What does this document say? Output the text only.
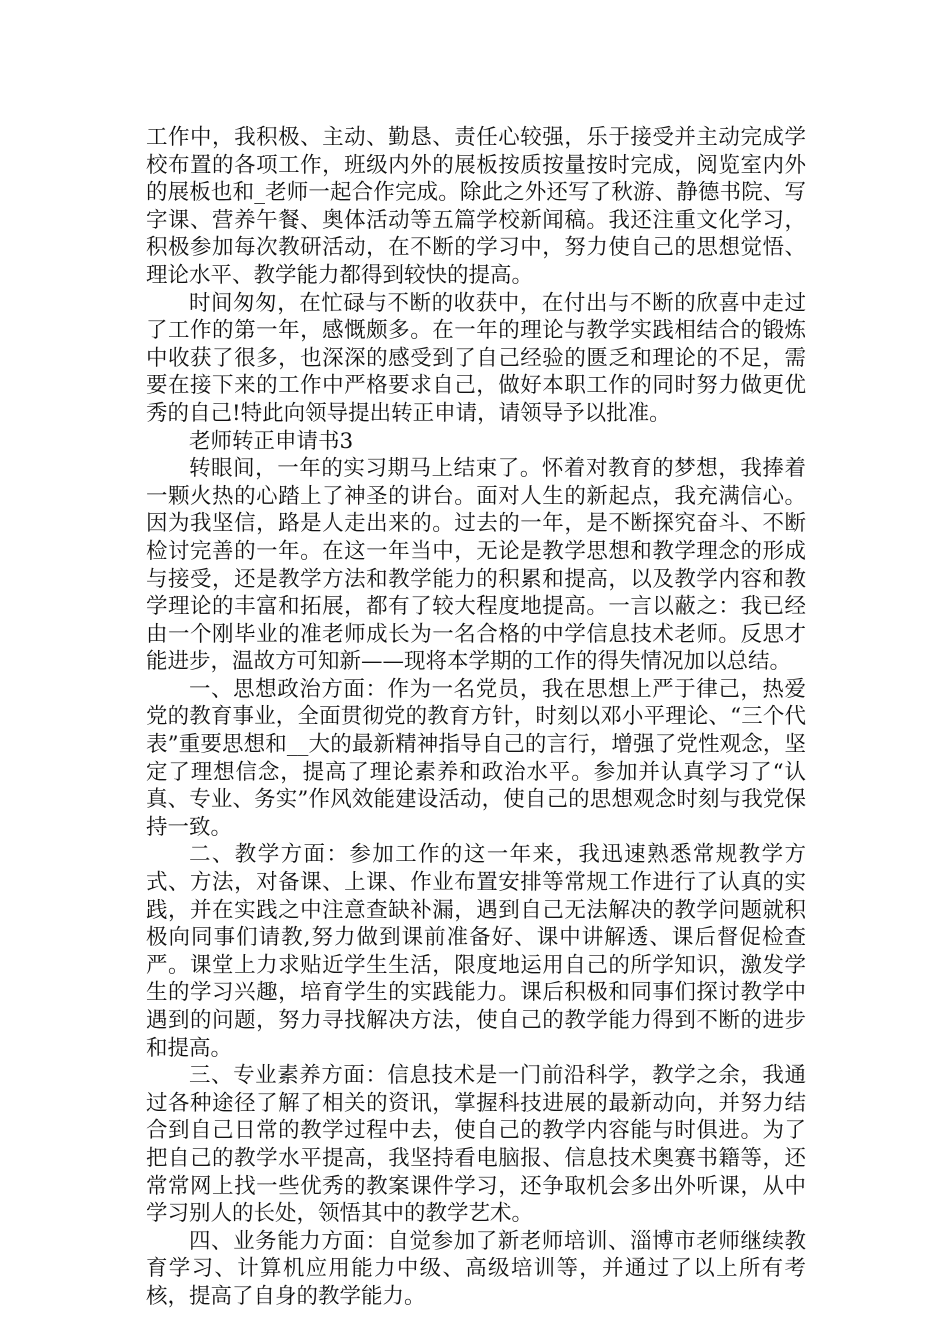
工作中，我积极、主动、勤恳、责任心较强，乐于接受并主动完成学校布置的各项工作，班级内外的展板按质按量按时完成，阅览室内外的展板也和_老师一起合作完成。除此之外还写了秋游、静德书院、写字课、营养午餐、奥体活动等五篇学校新闻稿。我还注重文化学习，积极参加每次教研活动，在不断的学习中，努力使自己的思想觉悟、理论水平、教学能力都得到较快的提高。

时间匆匆，在忙碌与不断的收获中，在付出与不断的欣喜中走过了工作的第一年，感慨颇多。在一年的理论与教学实践相结合的锻炼中收获了很多，也深深的感受到了自己经验的匮乏和理论的不足，需要在接下来的工作中严格要求自己，做好本职工作的同时努力做更优秀的自己!特此向领导提出转正申请，请领导予以批准。

老师转正申请书3

转眼间，一年的实习期马上结束了。怀着对教育的梦想，我捧着一颗火热的心踏上了神圣的讲台。面对人生的新起点，我充满信心。因为我坚信，路是人走出来的。过去的一年，是不断探究奋斗、不断检讨完善的一年。在这一年当中，无论是教学思想和教学理念的形成与接受，还是教学方法和教学能力的积累和提高，以及教学内容和教学理论的丰富和拓展，都有了较大程度地提高。一言以蔽之：我已经由一个刚毕业的准老师成长为一名合格的中学信息技术老师。反思才能进步，温故方可知新——现将本学期的工作的得失情况加以总结。

一、思想政治方面：作为一名党员，我在思想上严于律己，热爱党的教育事业，全面贯彻党的教育方针，时刻以邓小平理论、“三个代表”重要思想和__大的最新精神指导自己的言行，增强了党性观念，坚定了理想信念，提高了理论素养和政治水平。参加并认真学习了“认真、专业、务实”作风效能建设活动，使自己的思想观念时刻与我党保持一致。

二、教学方面：参加工作的这一年来，我迅速熟悉常规教学方式、方法，对备课、上课、作业布置安排等常规工作进行了认真的实践，并在实践之中注意查缺补漏，遇到自己无法解决的教学问题就积极向同事们请教,努力做到课前准备好、课中讲解透、课后督促检查严。课堂上力求贴近学生生活，限度地运用自己的所学知识，激发学生的学习兴趣，培育学生的实践能力。课后积极和同事们探讨教学中遇到的问题，努力寻找解决方法，使自己的教学能力得到不断的进步和提高。

三、专业素养方面：信息技术是一门前沿科学，教学之余，我通过各种途径了解了相关的资讯，掌握科技进展的最新动向，并努力结合到自己日常的教学过程中去，使自己的教学内容能与时俱进。为了把自己的教学水平提高，我坚持看电脑报、信息技术奥赛书籍等，还常常网上找一些优秀的教案课件学习，还争取机会多出外听课，从中学习别人的长处，领悟其中的教学艺术。

四、业务能力方面：自觉参加了新老师培训、淄博市老师继续教育学习、计算机应用能力中级、高级培训等，并通过了以上所有考核，提高了自身的教学能力。
